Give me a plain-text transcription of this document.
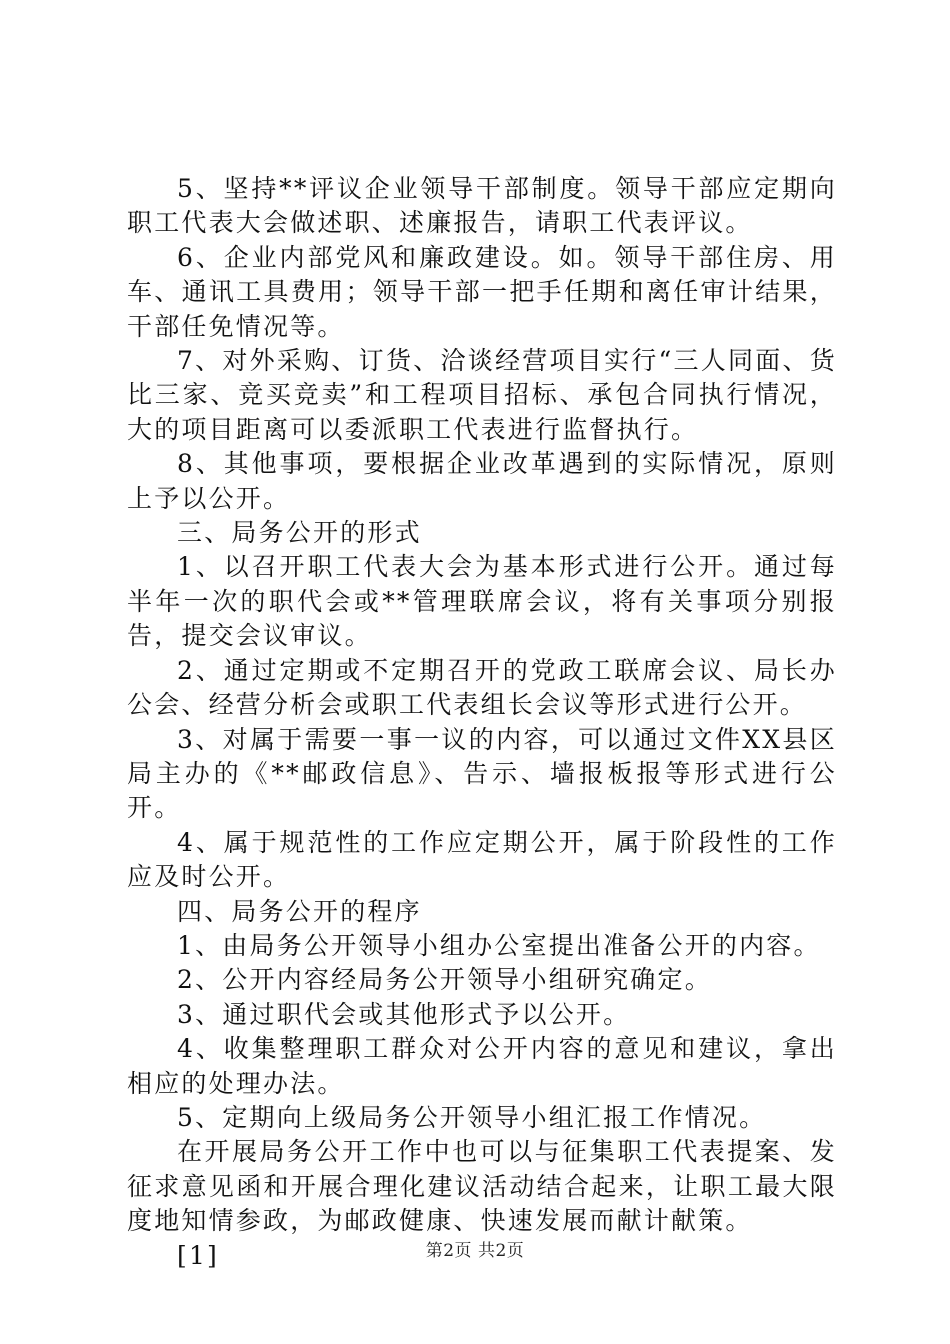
5、坚持**评议企业领导干部制度。领导干部应定期向职工代表大会做述职、述廉报告，请职工代表评议。

6、企业内部党风和廉政建设。如。领导干部住房、用车、通讯工具费用；领导干部一把手任期和离任审计结果，干部任免情况等。

7、对外采购、订货、洽谈经营项目实行“三人同面、货比三家、竞买竞卖”和工程项目招标、承包合同执行情况，大的项目距离可以委派职工代表进行监督执行。

8、其他事项，要根据企业改革遇到的实际情况，原则上予以公开。

三、局务公开的形式

1、以召开职工代表大会为基本形式进行公开。通过每半年一次的职代会或**管理联席会议，将有关事项分别报告，提交会议审议。

2、通过定期或不定期召开的党政工联席会议、局长办公会、经营分析会或职工代表组长会议等形式进行公开。

3、对属于需要一事一议的内容，可以通过文件XX县区局主办的《**邮政信息》、告示、墙报板报等形式进行公开。

4、属于规范性的工作应定期公开，属于阶段性的工作应及时公开。

四、局务公开的程序

1、由局务公开领导小组办公室提出准备公开的内容。

2、公开内容经局务公开领导小组研究确定。

3、通过职代会或其他形式予以公开。

4、收集整理职工群众对公开内容的意见和建议，拿出相应的处理办法。

5、定期向上级局务公开领导小组汇报工作情况。

在开展局务公开工作中也可以与征集职工代表提案、发征求意见函和开展合理化建议活动结合起来，让职工最大限度地知情参政，为邮政健康、快速发展而献计献策。

[1]	第2页 共2页
